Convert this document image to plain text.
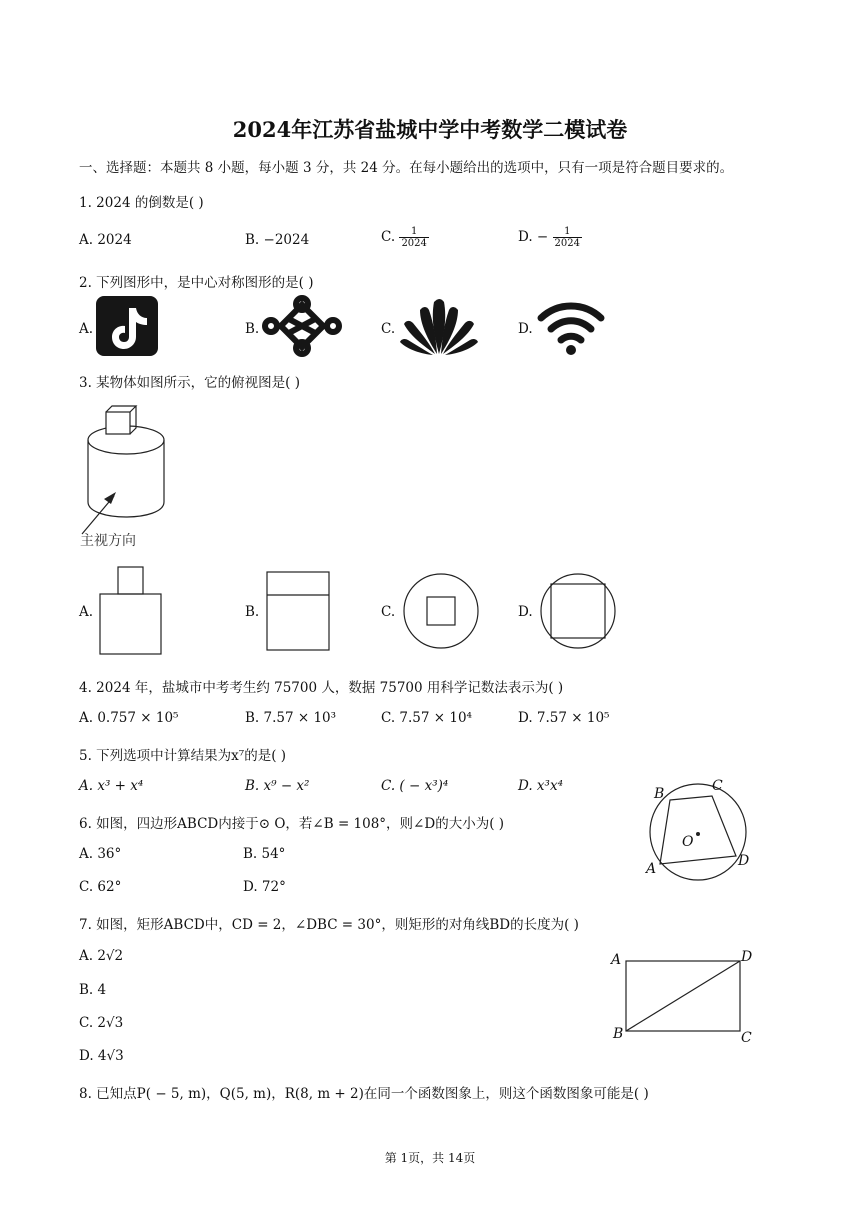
2024年江苏省盐城中学中考数学二模试卷
一、选择题：本题共 8 小题，每小题 3 分，共 24 分。在每小题给出的选项中，只有一项是符合题目要求的。
1. 2024 的倒数是( )
A. 2024	B. −2024	C. $\frac{1}{2024}$	D. − $\frac{1}{2024}$
2. 下列图形中，是中心对称图形的是( )
A.	B.	C.	D.
3. 某物体如图所示，它的俯视图是( )
主视方向
A.	B.	C.	D.
4. 2024 年，盐城市中考考生约 75700 人，数据 75700 用科学记数法表示为( )
A. 0.757 × 10⁵	B. 7.57 × 10³	C. 7.57 × 10⁴	D. 7.57 × 10⁵
5. 下列选项中计算结果为x⁷的是( )
A. x³ + x⁴	B. x⁹ − x²	C. ( − x³)⁴	D. x³x⁴
6. 如图，四边形ABCD内接于⊙ O，若∠B = 108°，则∠D的大小为( )
A. 36°	B. 54°
C. 62°	D. 72°
B	C
A	D
O
7. 如图，矩形ABCD中，CD = 2，∠DBC = 30°，则矩形的对角线BD的长度为( )
A. 2√2
B. 4
C. 2√3
D. 4√3
A	D
B	C
8. 已知点P( − 5, m)，Q(5, m)，R(8, m + 2)在同一个函数图象上，则这个函数图象可能是( )
第 1页，共 14页
